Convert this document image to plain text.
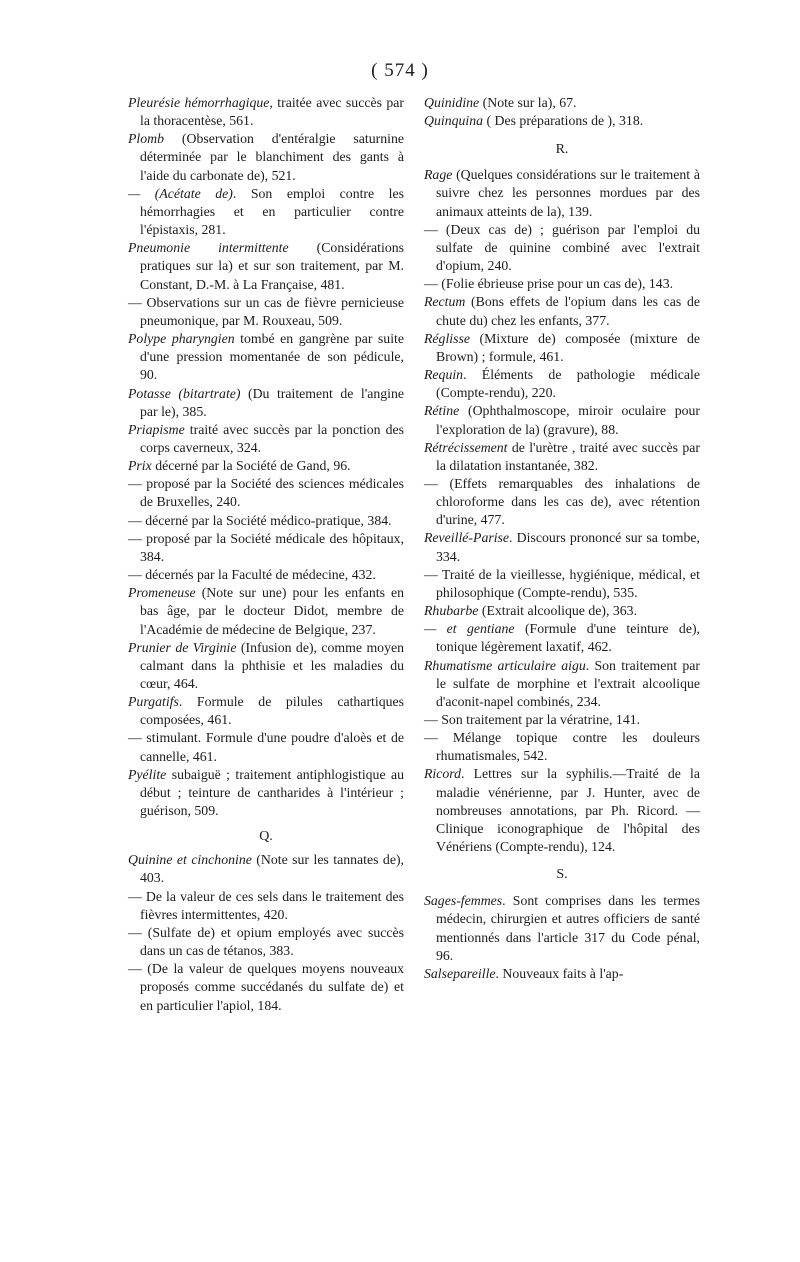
( 574 )

Pleurésie hémorrhagique, traitée avec succès par la thoracentèse, 561.

Plomb (Observation d'entéralgie saturnine déterminée par le blanchiment des gants à l'aide du carbonate de), 521.

— (Acétate de). Son emploi contre les hémorrhagies et en particulier contre l'épistaxis, 281.

Pneumonie intermittente (Considérations pratiques sur la) et sur son traitement, par M. Constant, D.-M. à La Française, 481.

— Observations sur un cas de fièvre pernicieuse pneumonique, par M. Rouxeau, 509.

Polype pharyngien tombé en gangrène par suite d'une pression momentanée de son pédicule, 90.

Potasse (bitartrate) (Du traitement de l'angine par le), 385.

Priapisme traité avec succès par la ponction des corps caverneux, 324.

Prix décerné par la Société de Gand, 96.

— proposé par la Société des sciences médicales de Bruxelles, 240.

— décerné par la Société médico-pratique, 384.

— proposé par la Société médicale des hôpitaux, 384.

— décernés par la Faculté de médecine, 432.

Promeneuse (Note sur une) pour les enfants en bas âge, par le docteur Didot, membre de l'Académie de médecine de Belgique, 237.

Prunier de Virginie (Infusion de), comme moyen calmant dans la phthisie et les maladies du cœur, 464.

Purgatifs. Formule de pilules cathartiques composées, 461.

— stimulant. Formule d'une poudre d'aloès et de cannelle, 461.

Pyélite subaiguë ; traitement antiphlogistique au début ; teinture de cantharides à l'intérieur ; guérison, 509.

Q.

Quinine et cinchonine (Note sur les tannates de), 403.

— De la valeur de ces sels dans le traitement des fièvres intermittentes, 420.

— (Sulfate de) et opium employés avec succès dans un cas de tétanos, 383.

— (De la valeur de quelques moyens nouveaux proposés comme succédanés du sulfate de) et en particulier l'apiol, 184.

Quinidine (Note sur la), 67.

Quinquina ( Des préparations de ), 318.

R.

Rage (Quelques considérations sur le traitement à suivre chez les personnes mordues par des animaux atteints de la), 139.

— (Deux cas de) ; guérison par l'emploi du sulfate de quinine combiné avec l'extrait d'opium, 240.

— (Folie ébrieuse prise pour un cas de), 143.

Rectum (Bons effets de l'opium dans les cas de chute du) chez les enfants, 377.

Réglisse (Mixture de) composée (mixture de Brown) ; formule, 461.

Requin. Éléments de pathologie médicale (Compte-rendu), 220.

Rétine (Ophthalmoscope, miroir oculaire pour l'exploration de la) (gravure), 88.

Rétrécissement de l'urètre , traité avec succès par la dilatation instantanée, 382.

— (Effets remarquables des inhalations de chloroforme dans les cas de), avec rétention d'urine, 477.

Reveillé-Parise. Discours prononcé sur sa tombe, 334.

— Traité de la vieillesse, hygiénique, médical, et philosophique (Compte-rendu), 535.

Rhubarbe (Extrait alcoolique de), 363.

— et gentiane (Formule d'une teinture de), tonique légèrement laxatif, 462.

Rhumatisme articulaire aigu. Son traitement par le sulfate de morphine et l'extrait alcoolique d'aconit-napel combinés, 234.

— Son traitement par la vératrine, 141.

— Mélange topique contre les douleurs rhumatismales, 542.

Ricord. Lettres sur la syphilis.—Traité de la maladie vénérienne, par J. Hunter, avec de nombreuses annotations, par Ph. Ricord. — Clinique iconographique de l'hôpital des Vénériens (Compte-rendu), 124.

S.

Sages-femmes. Sont comprises dans les termes médecin, chirurgien et autres officiers de santé mentionnés dans l'article 317 du Code pénal, 96.

Salsepareille. Nouveaux faits à l'ap-
